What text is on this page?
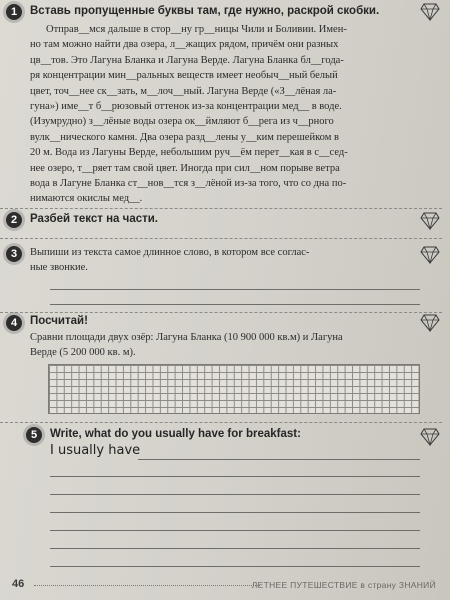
1 Вставь пропущенные буквы там, где нужно, раскрой скобки.

Отправ__мся дальше в стор__ну гр__ницы Чили и Боливии. Имен-

но там можно найти два озера, л__жащих рядом, причём они разных

цв__тов. Это Лагуна Бланка и Лагуна Верде. Лагуна Бланка бл__года-

ря концентрации мин__ральных веществ имеет необыч__ный белый

цвет, точ__нее ск__зать, м__лоч__ный. Лагуна Верде («З__лёная ла-

гуна») име__т б__рюзовый оттенок из-за концентрации мед__ в воде.

(Изумрудно) з__лёные воды озера ок__ймляют б__рега из ч__рного

вулк__нического камня. Два озера разд__лены у__ким перешейком в

20 м. Вода из Лагуны Верде, небольшим руч__ём перет__кая в с__сед-

нее озеро, т__ряет там свой цвет. Иногда при сил__ном порыве ветра

вода в Лагуне Бланка ст__нов__тся з__лёной из-за того, что со дна по-

нимаются окислы мед__.

2 Разбей текст на части.
3 Выпиши из текста самое длинное слово, в котором все соглас-

ные звонкие.

4 Посчитай!

Сравни площади двух озёр: Лагуна Бланка (10 900 000 кв.м) и Лагуна

Верде (5 200 000 кв. м).

5 Write, what do you usually have for breakfast:
I usually have
46	ЛЕТНЕЕ ПУТЕШЕСТВИЕ в страну ЗНАНИЙ
